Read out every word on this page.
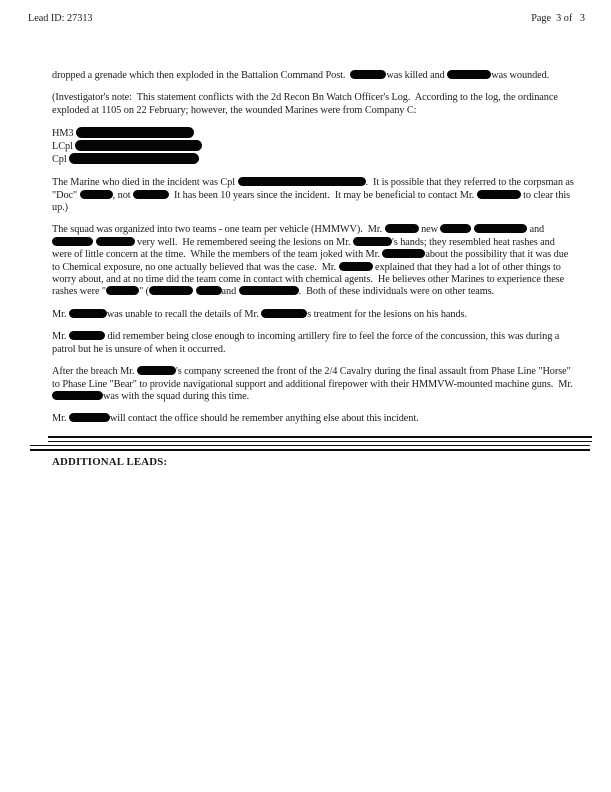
Lead ID: 27313	Page  3 of   3

dropped a grenade which then exploded in the Battalion Command Post.	was killed and	was wounded.

(Investigator's note:  This statement conflicts with the 2d Recon Bn Watch Officer's Log.  According to the log, the ordinance exploded at 1105 on 22 February; however, the wounded Marines were from Company C:

HM3
LCpl
Cpl

The Marine who died in the incident was Cpl	.  It is possible that they referred to the corpsman as "Doc"	, not	It has been 10 years since the incident.  It may be beneficial to contact Mr.	to clear this up.)

The squad was organized into two teams - one team per vehicle (HMMWV).  Mr.	new	and   very well.  He remembered seeing the lesions on Mr.	's hands; they resembled heat rashes and were of little concern at the time.  While the members of the team joked with Mr.	about the possibility that it was due to Chemical exposure, no one actually believed that was the case.  Mr.	explained that they had a lot of other things to worry about, and at no time did the team come in contact with chemical agents.  He believes other Marines to experience these rashes were "	" (	and	.  Both of these individuals were on other teams.

Mr.	was unable to recall the details of Mr.	s treatment for the lesions on his hands.

Mr.	did remember being close enough to incoming artillery fire to feel the force of the concussion, this was during a patrol but he is unsure of when it occurred.

After the breach Mr.	's company screened the front of the 2/4 Cavalry during the final assault from Phase Line "Horse" to Phase Line "Bear" to provide navigational support and additional firepower with their HMMVW-mounted machine guns.  Mr. was with the squad during this time.

Mr.	will contact the office should he remember anything else about this incident.

ADDITIONAL LEADS:
